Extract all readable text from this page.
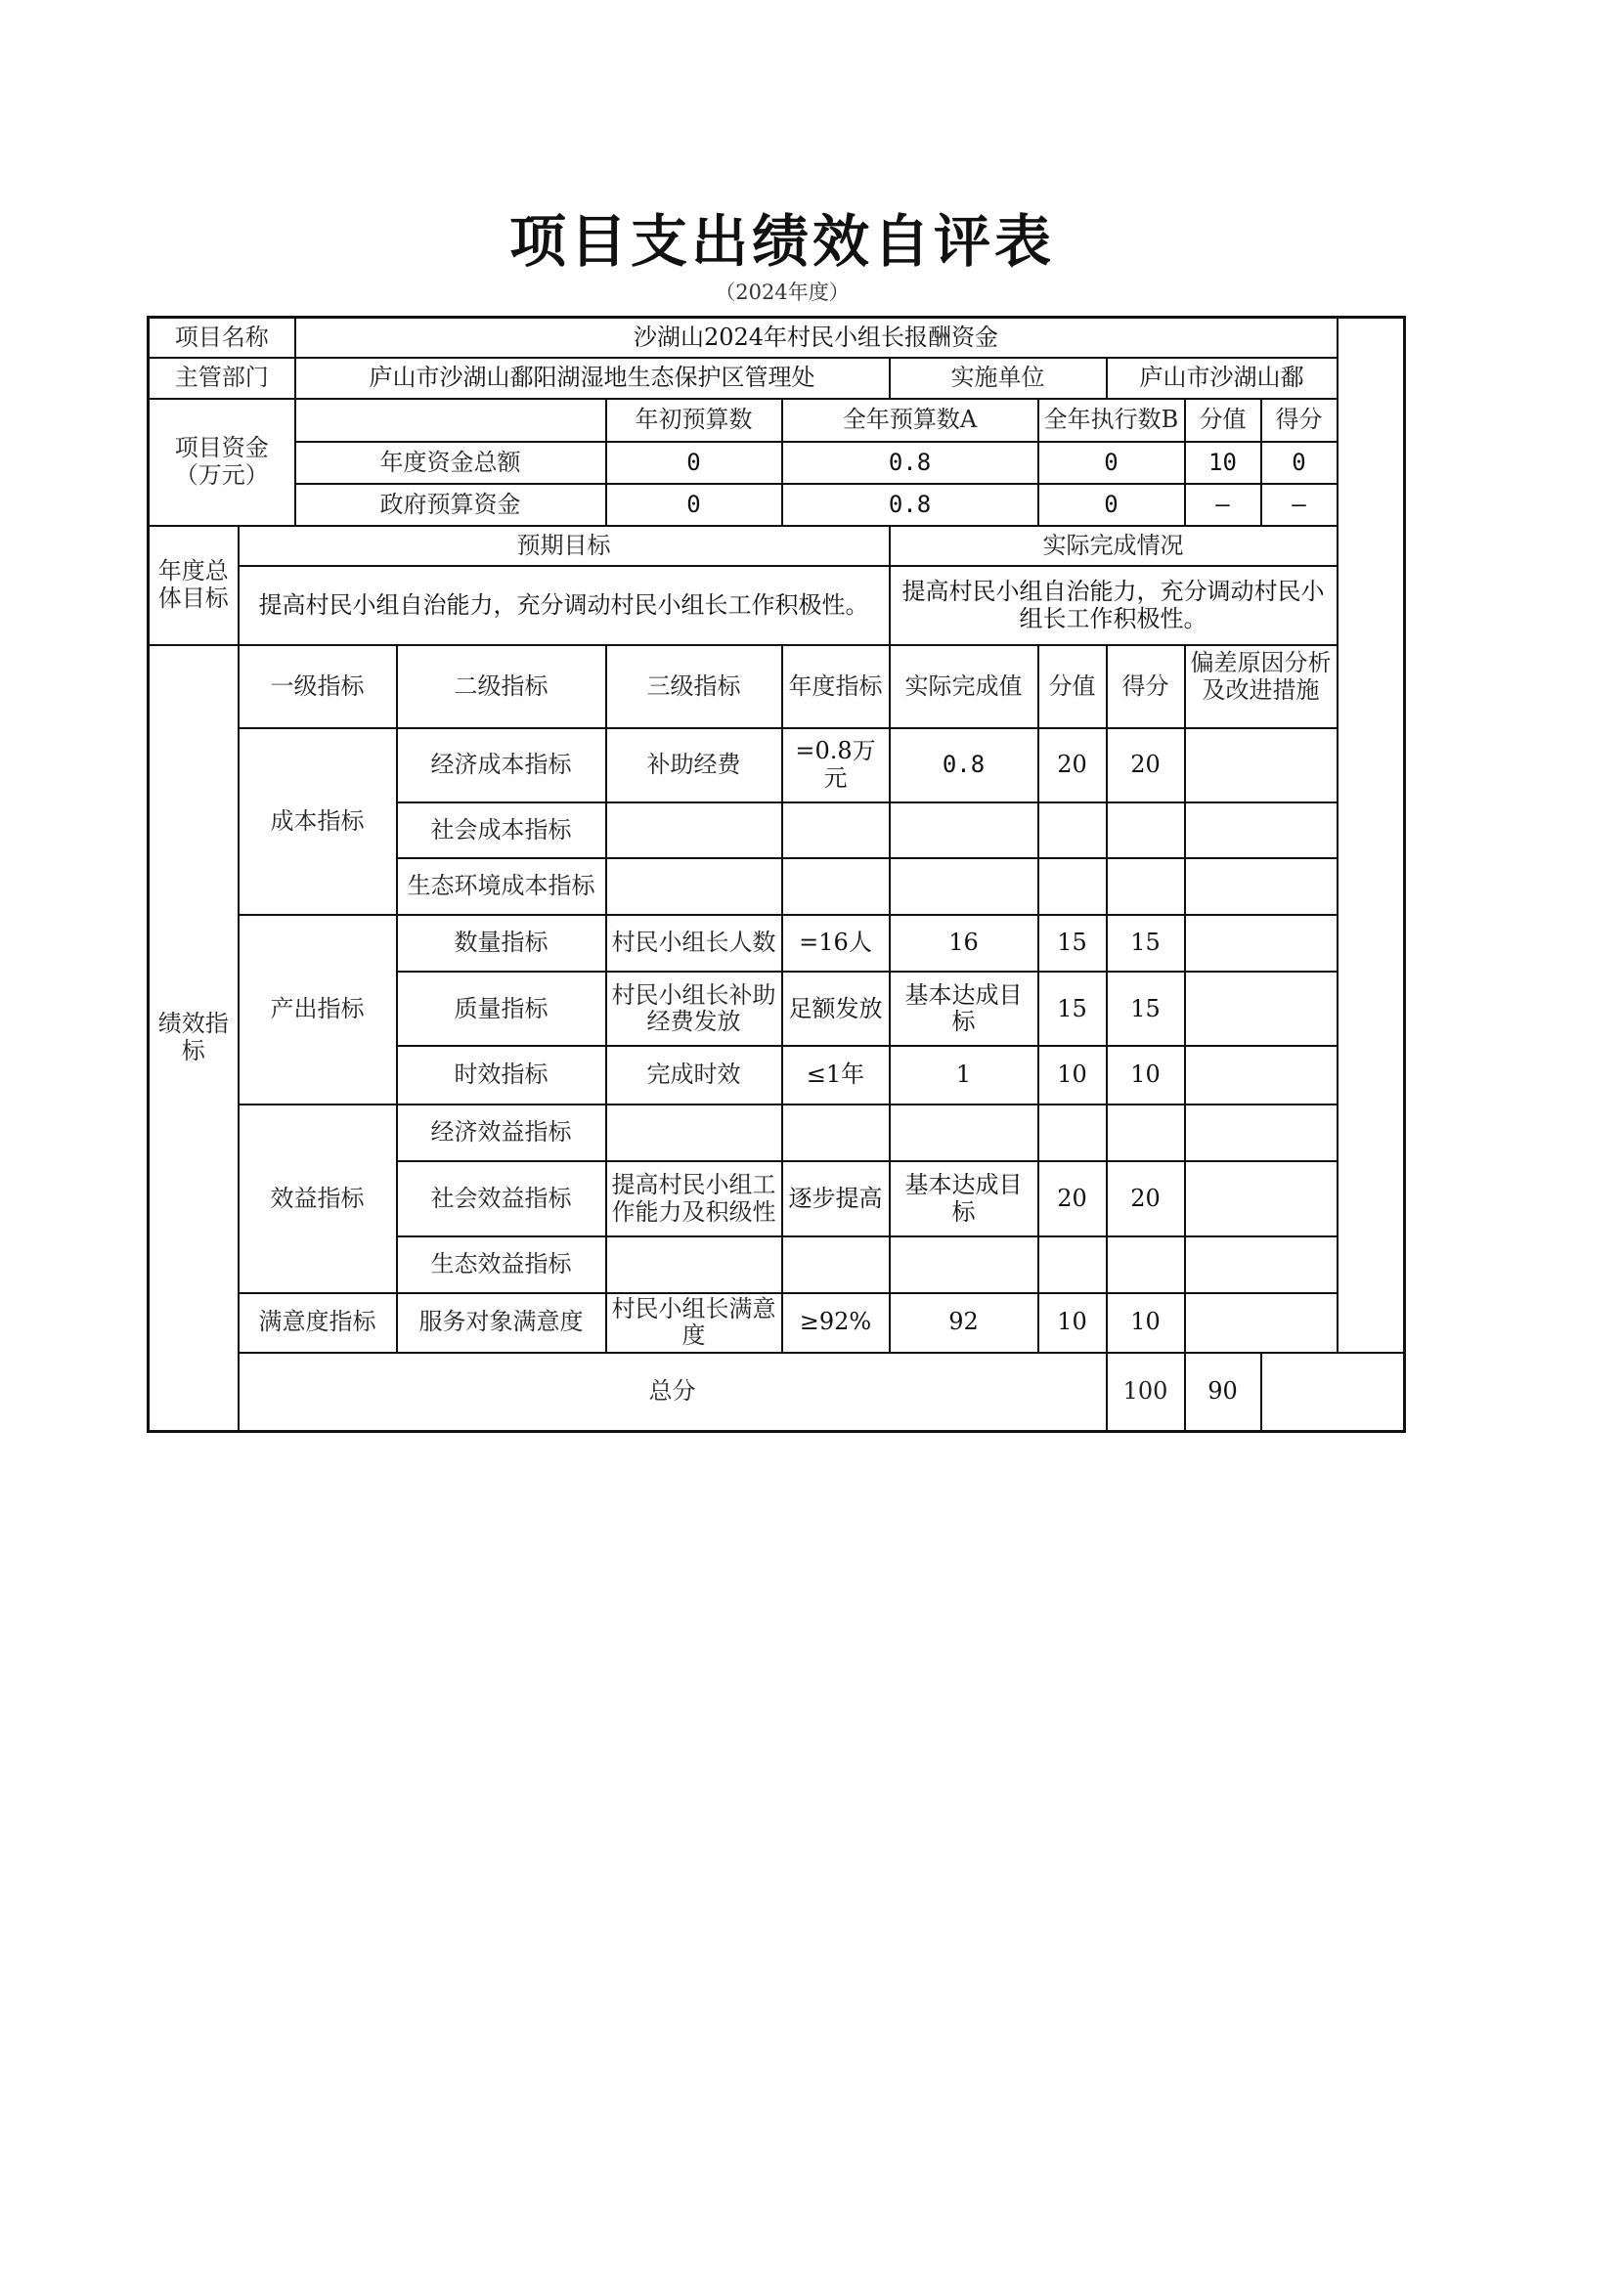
项目支出绩效自评表
（2024年度）
项目名称		沙湖山2024年村民小组长报酬资金								
主管部门		庐山市沙湖山鄱阳湖湿地生态保护区管理处				实施单位		庐山市沙湖山鄱		
项目资金（万元）				年初预算数	全年预算数A		全年执行数B		分值	得分
		年度资金总额		0	0.8		0		10	0
		政府预算资金		0	0.8		0		—	—
年度总体目标	预期目标					实际完成情况				
	提高村民小组自治能力，充分调动村民小组长工作积极性。					提高村民小组自治能力，充分调动村民小组长工作积极性。				
绩效指标	一级指标		二级指标	三级指标	年度指标	实际完成值	分值	得分	偏差原因分析及改进措施	
	成本指标		经济成本指标	补助经费	=0.8万元	0.8	20	20		
			社会成本指标							
			生态环境成本指标							
	产出指标		数量指标	村民小组长人数	=16人	16	15	15		
			质量指标	村民小组长补助经费发放	足额发放	基本达成目标	15	15		
			时效指标	完成时效	≤1年	1	10	10		
	效益指标		经济效益指标							
			社会效益指标	提高村民小组工作能力及积级性	逐步提高	基本达成目标	20	20		
			生态效益指标							
	满意度指标		服务对象满意度	村民小组长满意度	≥92%	92	10	10		
	总分							100	90	
